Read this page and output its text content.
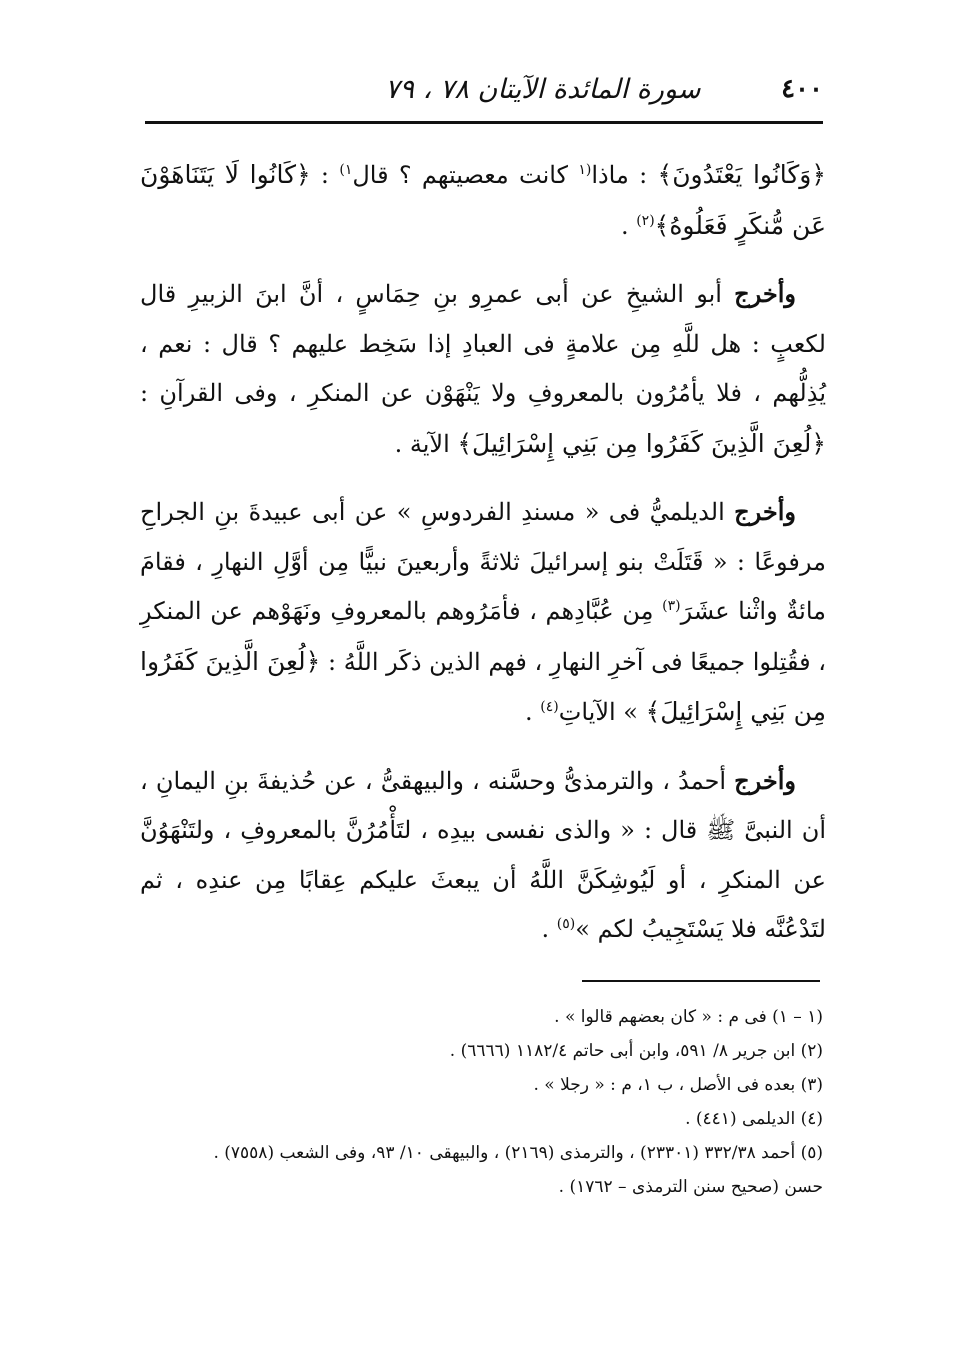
٤٠٠
سورة المائدة الآيتان ٧٨ ، ٧٩

﴿وَكَانُوا يَعْتَدُونَ﴾ : ماذا$^{(١}$ كانت معصيتهم ؟ قال$^{١)}$ : ﴿كَانُوا لَا يَتَنَاهَوْنَ عَن مُّنكَرٍ فَعَلُوهُ﴾$^{(٢)}$ .

وأخرج أبو الشيخِ عن أبى عمرِو بنِ حِمَاسٍ ، أنَّ ابنَ الزبيرِ قال لكعبٍ : هل للَّهِ مِن علامةٍ فى العبادِ إذا سَخِط عليهم ؟ قال : نعم ، يُذِلُّهم ، فلا يأمُرُون بالمعروفِ ولا يَنْهَوْن عن المنكرِ ، وفى القرآنِ : ﴿لُعِنَ الَّذِينَ كَفَرُوا مِن بَنِي إِسْرَائِيلَ﴾ الآية .

وأخرج الديلميُّ فى « مسندِ الفردوسِ » عن أبى عبيدةَ بنِ الجراحِ مرفوعًا : « قَتَلَتْ بنو إسرائيلَ ثلاثةً وأربعينَ نبيًّا مِن أوَّلِ النهارِ ، فقامَ مائةٌ واثْنا عشَرَ$^{(٣)}$ مِن عُبَّادِهم ، فأمَرُوهم بالمعروفِ ونَهَوْهم عن المنكرِ ، فقُتِلوا جميعًا فى آخرِ النهارِ ، فهم الذين ذكَر اللَّهُ : ﴿لُعِنَ الَّذِينَ كَفَرُوا مِن بَنِي إِسْرَائِيلَ﴾ » الآياتِ$^{(٤)}$ .

وأخرج أحمدُ ، والترمذىُّ وحسَّنه ، والبيهقىُّ ، عن حُذيفةَ بنِ اليمانِ ، أن النبىَّ ﷺ قال : « والذى نفسى بيدِه ، لتَأْمُرُنَّ بالمعروفِ ، ولتَنْهَوُنَّ عن المنكرِ ، أو لَيُوشِكَنَّ اللَّهُ أن يبعثَ عليكم عِقابًا مِن عندِه ، ثم لتَدْعُنَّه فلا يَسْتَجِيبُ لكم »$^{(٥)}$ .

(١ – ١) فى م : « كان بعضهم قالوا » .

(٢) ابن جرير ٨/ ٥٩١، وابن أبى حاتم ١١٨٢/٤ (٦٦٦٦) .

(٣) بعده فى الأصل ، ب ١، م : « رجلا » .

(٤) الديلمى (٤٤١) .

(٥) أحمد ٣٣٢/٣٨ (٢٣٣٠١) ، والترمذى (٢١٦٩) ، والبيهقى ١٠/ ٩٣، وفى الشعب (٧٥٥٨) .

حسن (صحيح سنن الترمذى – ١٧٦٢) .
